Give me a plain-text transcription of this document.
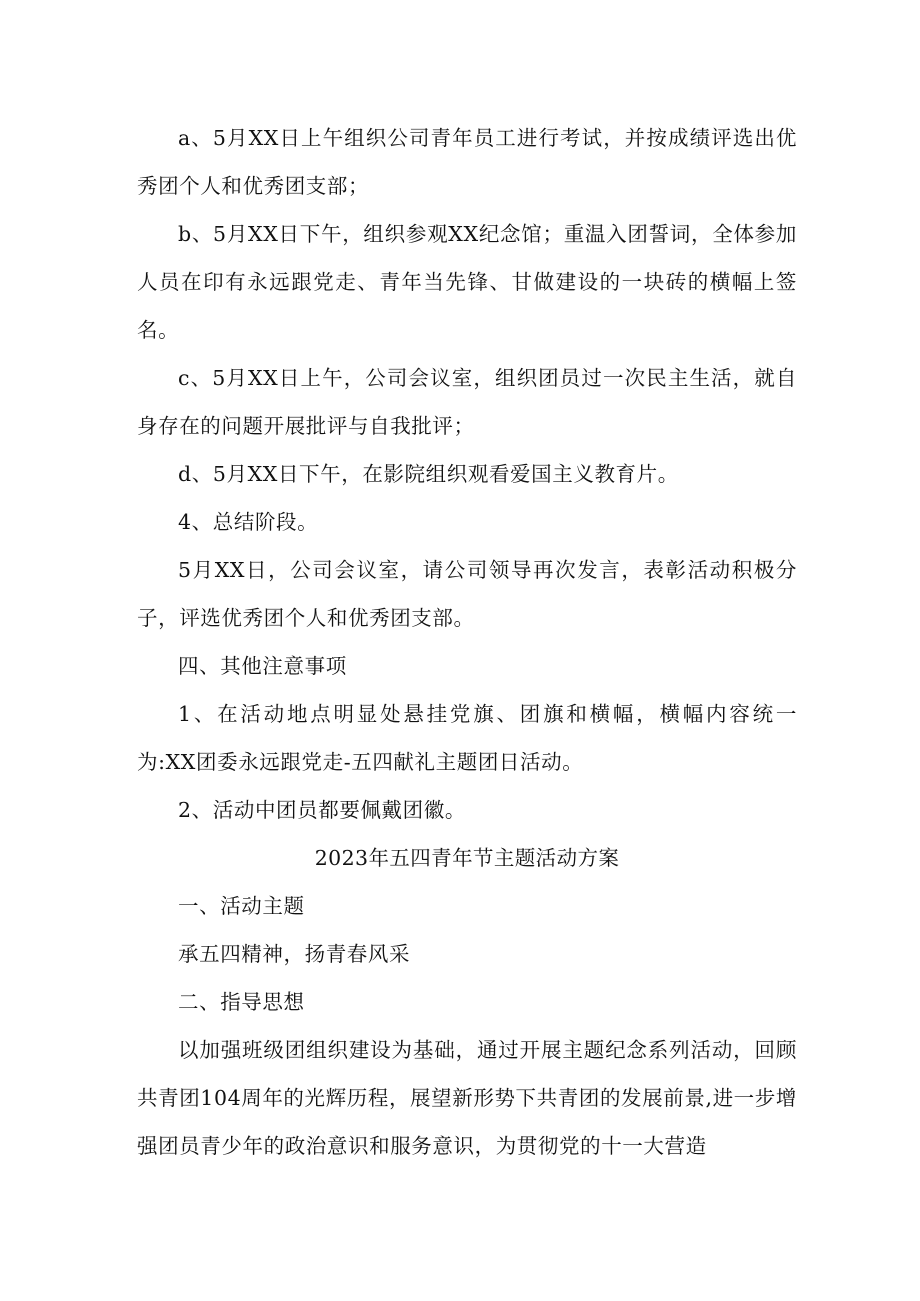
a、5月XX日上午组织公司青年员工进行考试，并按成绩评选出优秀团个人和优秀团支部；

b、5月XX日下午，组织参观XX纪念馆；重温入团誓词，全体参加人员在印有永远跟党走、青年当先锋、甘做建设的一块砖的横幅上签名。

c、5月XX日上午，公司会议室，组织团员过一次民主生活，就自身存在的问题开展批评与自我批评；

d、5月XX日下午，在影院组织观看爱国主义教育片。

4、总结阶段。

5月XX日，公司会议室，请公司领导再次发言，表彰活动积极分子，评选优秀团个人和优秀团支部。

四、其他注意事项

1、在活动地点明显处悬挂党旗、团旗和横幅，横幅内容统一为:XX团委永远跟党走-五四献礼主题团日活动。

2、活动中团员都要佩戴团徽。

2023年五四青年节主题活动方案

一、活动主题

承五四精神，扬青春风采

二、指导思想

以加强班级团组织建设为基础，通过开展主题纪念系列活动，回顾共青团104周年的光辉历程，展望新形势下共青团的发展前景,进一步增强团员青少年的政治意识和服务意识，为贯彻党的十一大营造
